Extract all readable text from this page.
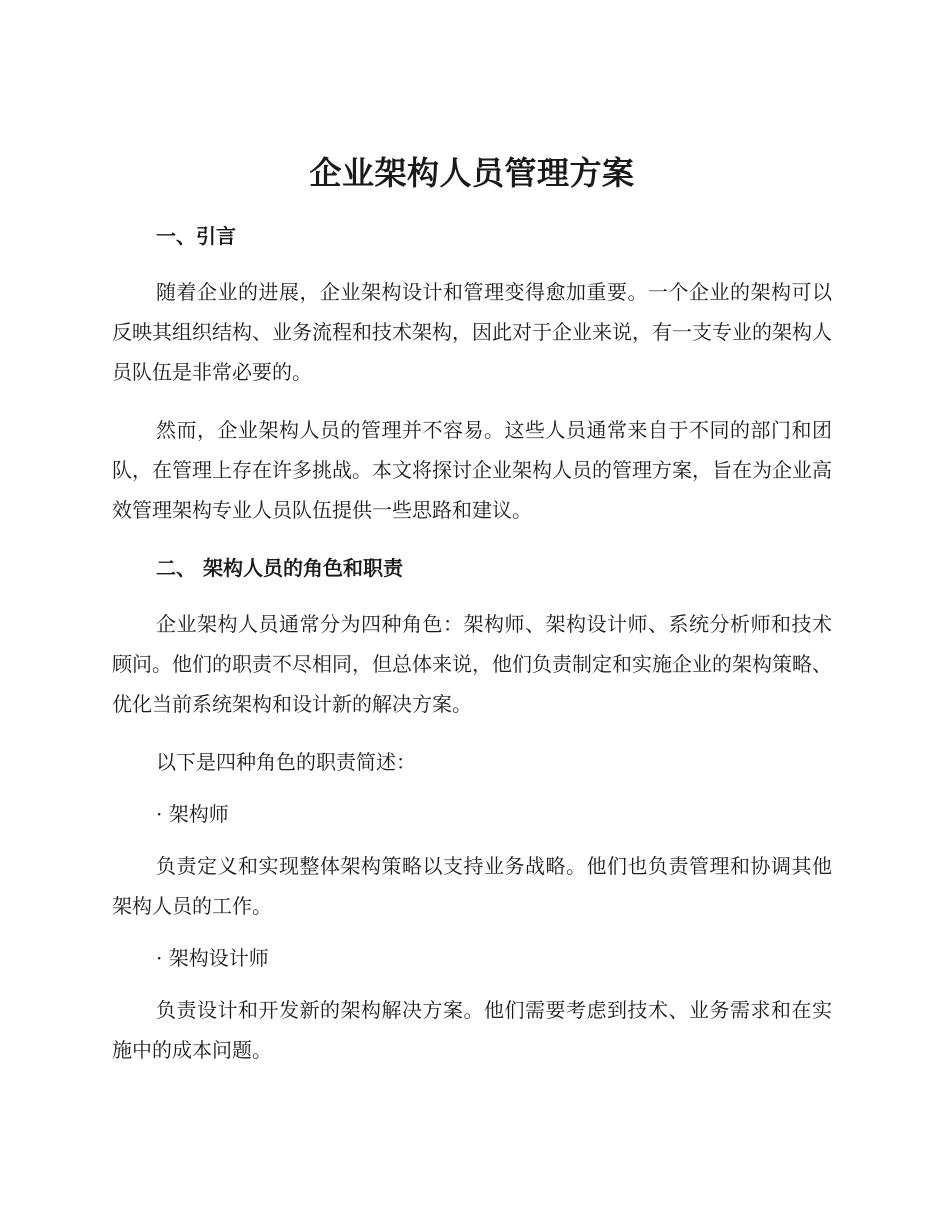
企业架构人员管理方案
一、引言

随着企业的进展，企业架构设计和管理变得愈加重要。一个企业的架构可以反映其组织结构、业务流程和技术架构，因此对于企业来说，有一支专业的架构人员队伍是非常必要的。

然而，企业架构人员的管理并不容易。这些人员通常来自于不同的部门和团队，在管理上存在许多挑战。本文将探讨企业架构人员的管理方案，旨在为企业高效管理架构专业人员队伍提供一些思路和建议。

二、 架构人员的角色和职责

企业架构人员通常分为四种角色：架构师、架构设计师、系统分析师和技术顾问。他们的职责不尽相同，但总体来说，他们负责制定和实施企业的架构策略、优化当前系统架构和设计新的解决方案。

以下是四种角色的职责简述：

· 架构师

负责定义和实现整体架构策略以支持业务战略。他们也负责管理和协调其他架构人员的工作。

· 架构设计师

负责设计和开发新的架构解决方案。他们需要考虑到技术、业务需求和在实施中的成本问题。
